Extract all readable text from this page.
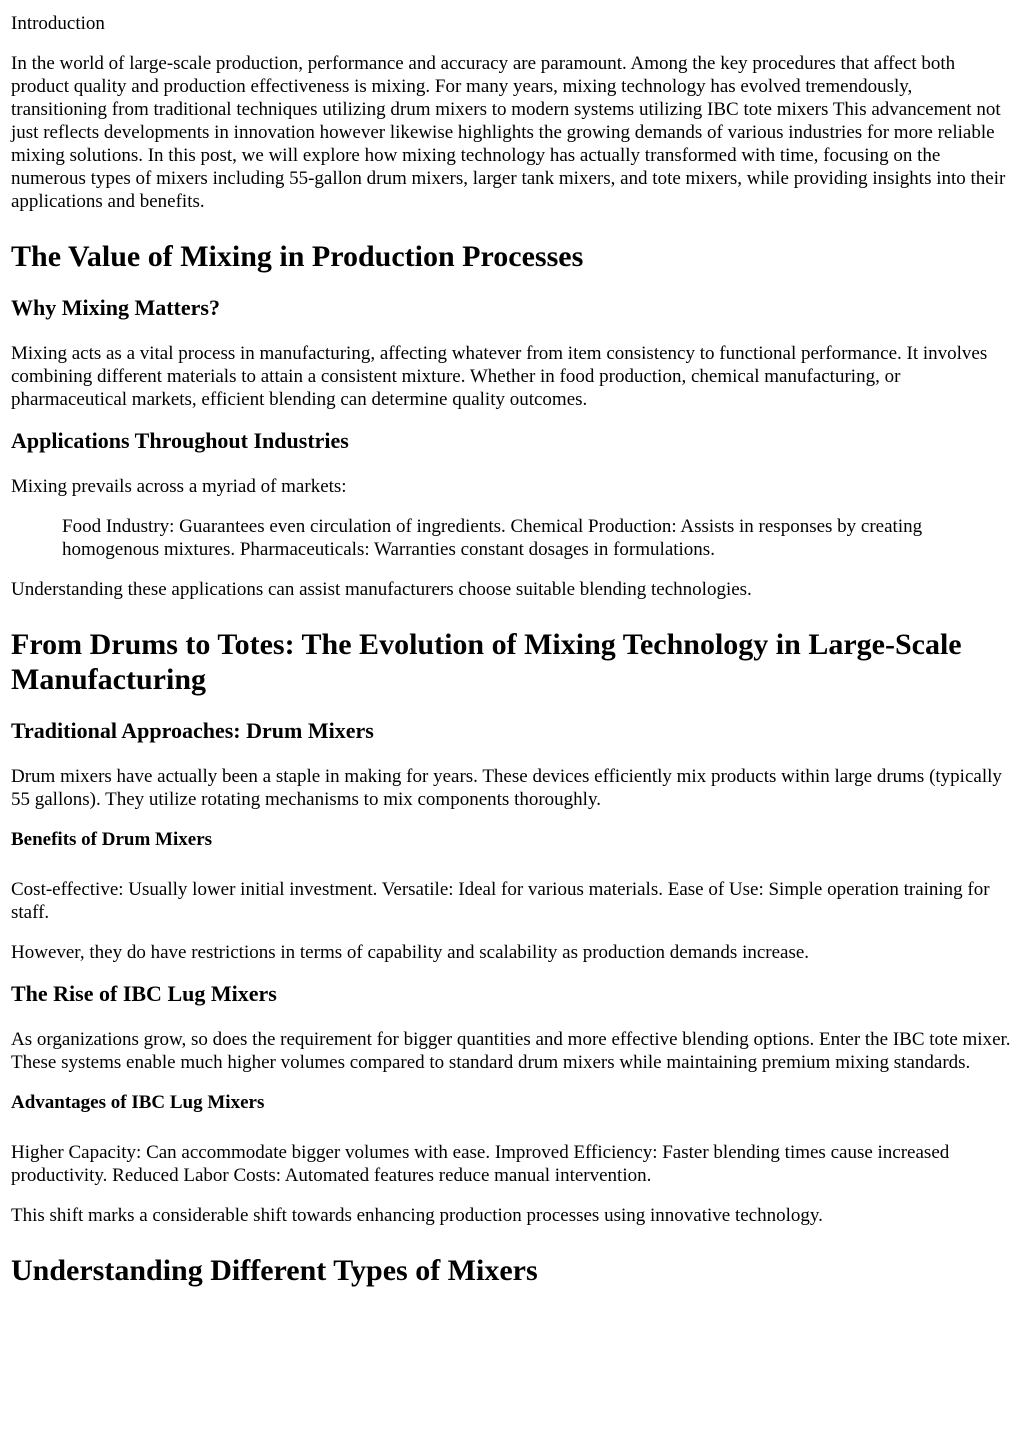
Introduction

In the world of large-scale production, performance and accuracy are paramount. Among the key procedures that affect both product quality and production effectiveness is mixing. For many years, mixing technology has evolved tremendously, transitioning from traditional techniques utilizing drum mixers to modern systems utilizing IBC tote mixers This advancement not just reflects developments in innovation however likewise highlights the growing demands of various industries for more reliable mixing solutions. In this post, we will explore how mixing technology has actually transformed with time, focusing on the numerous types of mixers including 55-gallon drum mixers, larger tank mixers, and tote mixers, while providing insights into their applications and benefits.

The Value of Mixing in Production Processes
Why Mixing Matters?

Mixing acts as a vital process in manufacturing, affecting whatever from item consistency to functional performance. It involves combining different materials to attain a consistent mixture. Whether in food production, chemical manufacturing, or pharmaceutical markets, efficient blending can determine quality outcomes.

Applications Throughout Industries

Mixing prevails across a myriad of markets:

Food Industry: Guarantees even circulation of ingredients. Chemical Production: Assists in responses by creating homogenous mixtures. Pharmaceuticals: Warranties constant dosages in formulations.

Understanding these applications can assist manufacturers choose suitable blending technologies.

From Drums to Totes: The Evolution of Mixing Technology in Large-Scale Manufacturing
Traditional Approaches: Drum Mixers

Drum mixers have actually been a staple in making for years. These devices efficiently mix products within large drums (typically 55 gallons). They utilize rotating mechanisms to mix components thoroughly.

Benefits of Drum Mixers

Cost-effective: Usually lower initial investment. Versatile: Ideal for various materials. Ease of Use: Simple operation training for staff.

However, they do have restrictions in terms of capability and scalability as production demands increase.

The Rise of IBC Lug Mixers

As organizations grow, so does the requirement for bigger quantities and more effective blending options. Enter the IBC tote mixer. These systems enable much higher volumes compared to standard drum mixers while maintaining premium mixing standards.

Advantages of IBC Lug Mixers

Higher Capacity: Can accommodate bigger volumes with ease. Improved Efficiency: Faster blending times cause increased productivity. Reduced Labor Costs: Automated features reduce manual intervention.

This shift marks a considerable shift towards enhancing production processes using innovative technology.

Understanding Different Types of Mixers
